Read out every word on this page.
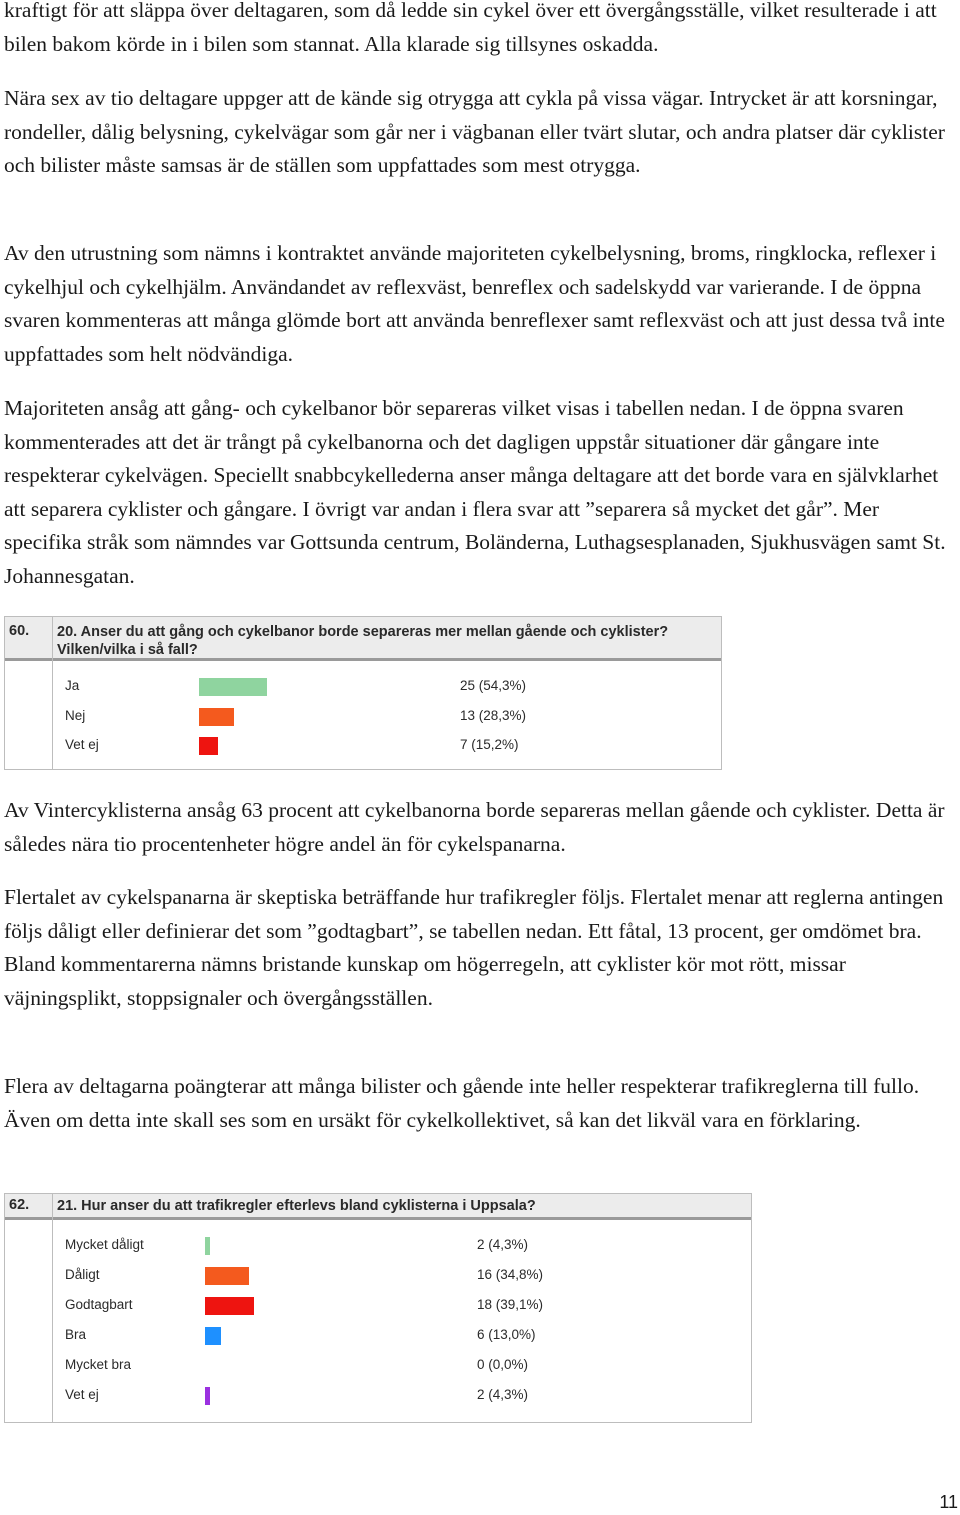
kraftigt för att släppa över deltagaren, som då ledde sin cykel över ett övergångsställe, vilket resulterade i att bilen bakom körde in i bilen som stannat. Alla klarade sig tillsynes oskadda.

Nära sex av tio deltagare uppger att de kände sig otrygga att cykla på vissa vägar. Intrycket är att korsningar, rondeller, dålig belysning, cykelvägar som går ner i vägbanan eller tvärt slutar, och andra platser där cyklister och bilister måste samsas är de ställen som uppfattades som mest otrygga.

Av den utrustning som nämns i kontraktet använde majoriteten cykelbelysning, broms, ringklocka, reflexer i cykelhjul och cykelhjälm. Användandet av reflexväst, benreflex och sadelskydd var varierande. I de öppna svaren kommenteras att många glömde bort att använda benreflexer samt reflexväst och att just dessa två inte uppfattades som helt nödvändiga.

Majoriteten ansåg att gång- och cykelbanor bör separeras vilket visas i tabellen nedan. I de öppna svaren kommenterades att det är trångt på cykelbanorna och det dagligen uppstår situationer där gångare inte respekterar cykelvägen. Speciellt snabbcykellederna anser många deltagare att det borde vara en självklarhet att separera cyklister och gångare. I övrigt var andan i flera svar att ”separera så mycket det går”. Mer specifika stråk som nämndes var Gottsunda centrum, Boländerna, Luthagsesplanaden, Sjukhusvägen samt St. Johannesgatan.

60. 20. Anser du att gång och cykelbanor borde separeras mer mellan gående och cyklister? Vilken/vilka i så fall?
Ja	25 (54,3%)
Nej	13 (28,3%)
Vet ej	7 (15,2%)

Av Vintercyklisterna ansåg 63 procent att cykelbanorna borde separeras mellan gående och cyklister. Detta är således nära tio procentenheter högre andel än för cykelspanarna.

Flertalet av cykelspanarna är skeptiska beträffande hur trafikregler följs. Flertalet menar att reglerna antingen följs dåligt eller definierar det som ”godtagbart”, se tabellen nedan. Ett fåtal, 13 procent, ger omdömet bra. Bland kommentarerna nämns bristande kunskap om högerregeln, att cyklister kör mot rött, missar väjningsplikt, stoppsignaler och övergångsställen.

Flera av deltagarna poängterar att många bilister och gående inte heller respekterar trafikreglerna till fullo. Även om detta inte skall ses som en ursäkt för cykelkollektivet, så kan det likväl vara en förklaring.

62. 21. Hur anser du att trafikregler efterlevs bland cyklisterna i Uppsala?
Mycket dåligt	2 (4,3%)
Dåligt	16 (34,8%)
Godtagbart	18 (39,1%)
Bra	6 (13,0%)
Mycket bra	0 (0,0%)
Vet ej	2 (4,3%)
11
